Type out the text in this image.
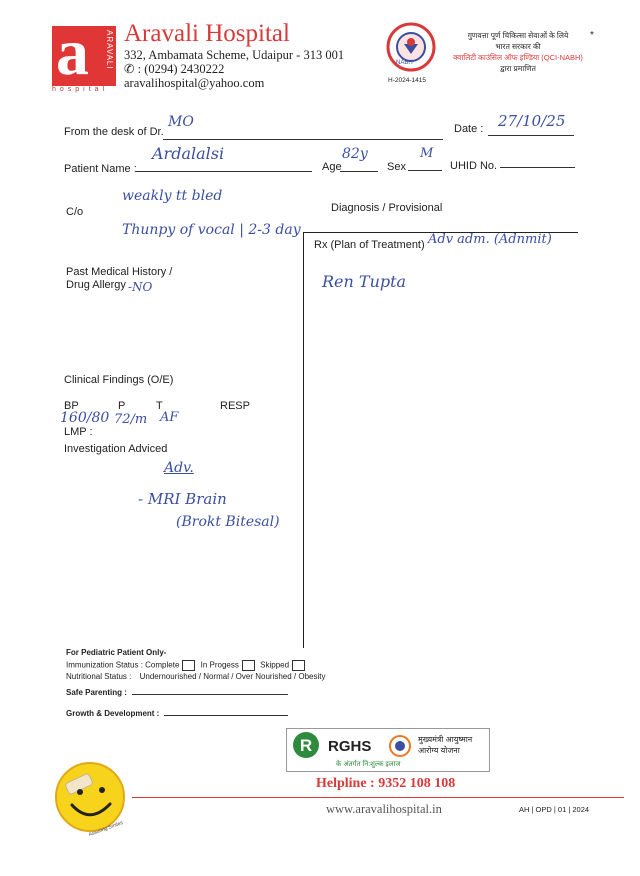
a ARAVALI
hospital
Aravali Hospital
332, Ambamata Scheme, Udaipur - 313 001
✆ : (0294) 2430222
aravalihospital@yahoo.com
NABH
H-2024-1415
गुणवत्ता पूर्ण चिकित्सा सेवाओं के लिये
भारत सरकार की
क्वालिटी काउंसिल ऑफ इण्डिया (QCI-NABH)
द्वारा प्रमाणित
*
From the desk of Dr.
MO	Date : 27/10/25
Patient Name :
Ardalalsi
Age
82y
Sex
M
UHID No.
C/o
weakly tt bled
Thunpy of vocal | 2-3 day
Diagnosis / Provisional
Rx (Plan of Treatment) Adv adm. (Adnmit)
Ren Tupta
Past Medical History /
Drug Allergy -NO
Clinical Findings (O/E)
BP
160/80
P
72/m
T
AF
RESP
LMP :
Investigation Adviced
Adv.
- MRI Brain
(Brokt Bitesal)
For Pediatric Patient Only-
Immunization Status : Complete	In Progess	Skipped
Nutritional Status : Undernourished / Normal / Over Nourished / Obesity
Safe Parenting :
Growth & Development :
R RGHS	मुख्यमंत्री आयुष्मान
आरोग्य योजना
के अंतर्गत नि:शुल्क इलाज
Helpline : 9352 108 108
www.aravalihospital.in	AH | OPD | 01 | 2024
Assuring Smiles
